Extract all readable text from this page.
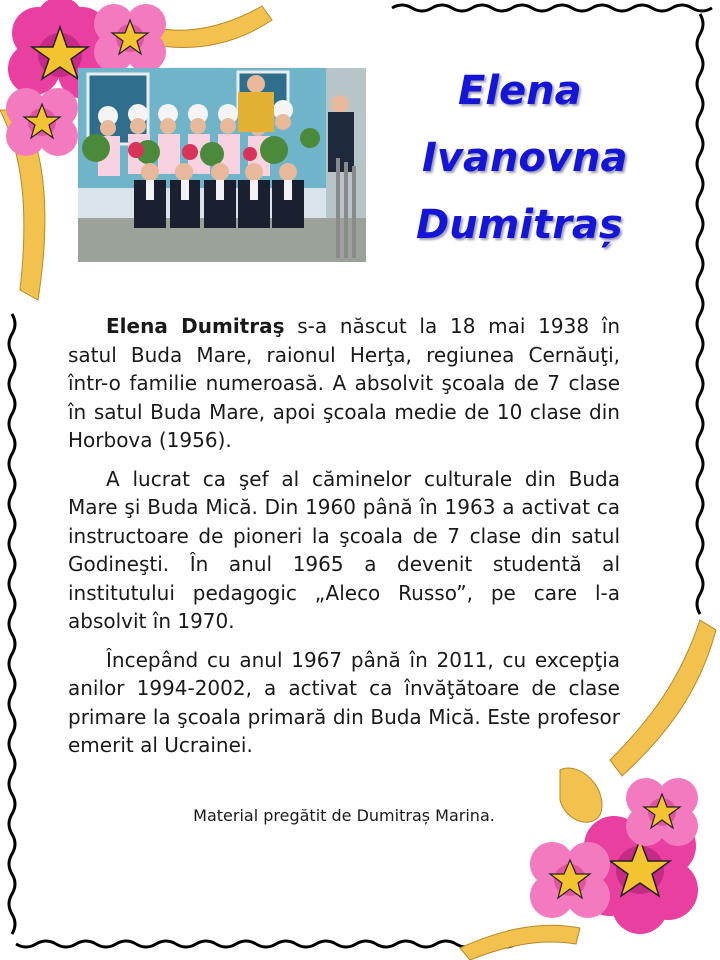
Elena
Ivanovna
Dumitraș

Elena Dumitraş s-a născut la 18 mai 1938 în satul Buda Mare, raionul Herţa, regiunea Cernăuţi, într-o familie numeroasă. A absolvit şcoala de 7 clase în satul Buda Mare, apoi şcoala medie de 10 clase din Horbova (1956).

A lucrat ca şef al căminelor culturale din Buda Mare şi Buda Mică. Din 1960 până în 1963 a activat ca instructoare de pioneri la şcoala de 7 clase din satul Godineşti. În anul 1965 a devenit studentă al institutului pedagogic „Aleco Russo”, pe care l-a absolvit în 1970.

Începând cu anul 1967 până în 2011, cu excepţia anilor 1994-2002, a activat ca învăţătoare de clase primare la şcoala primară din Buda Mică. Este profesor emerit al Ucrainei.

Material pregătit de Dumitraș Marina.
